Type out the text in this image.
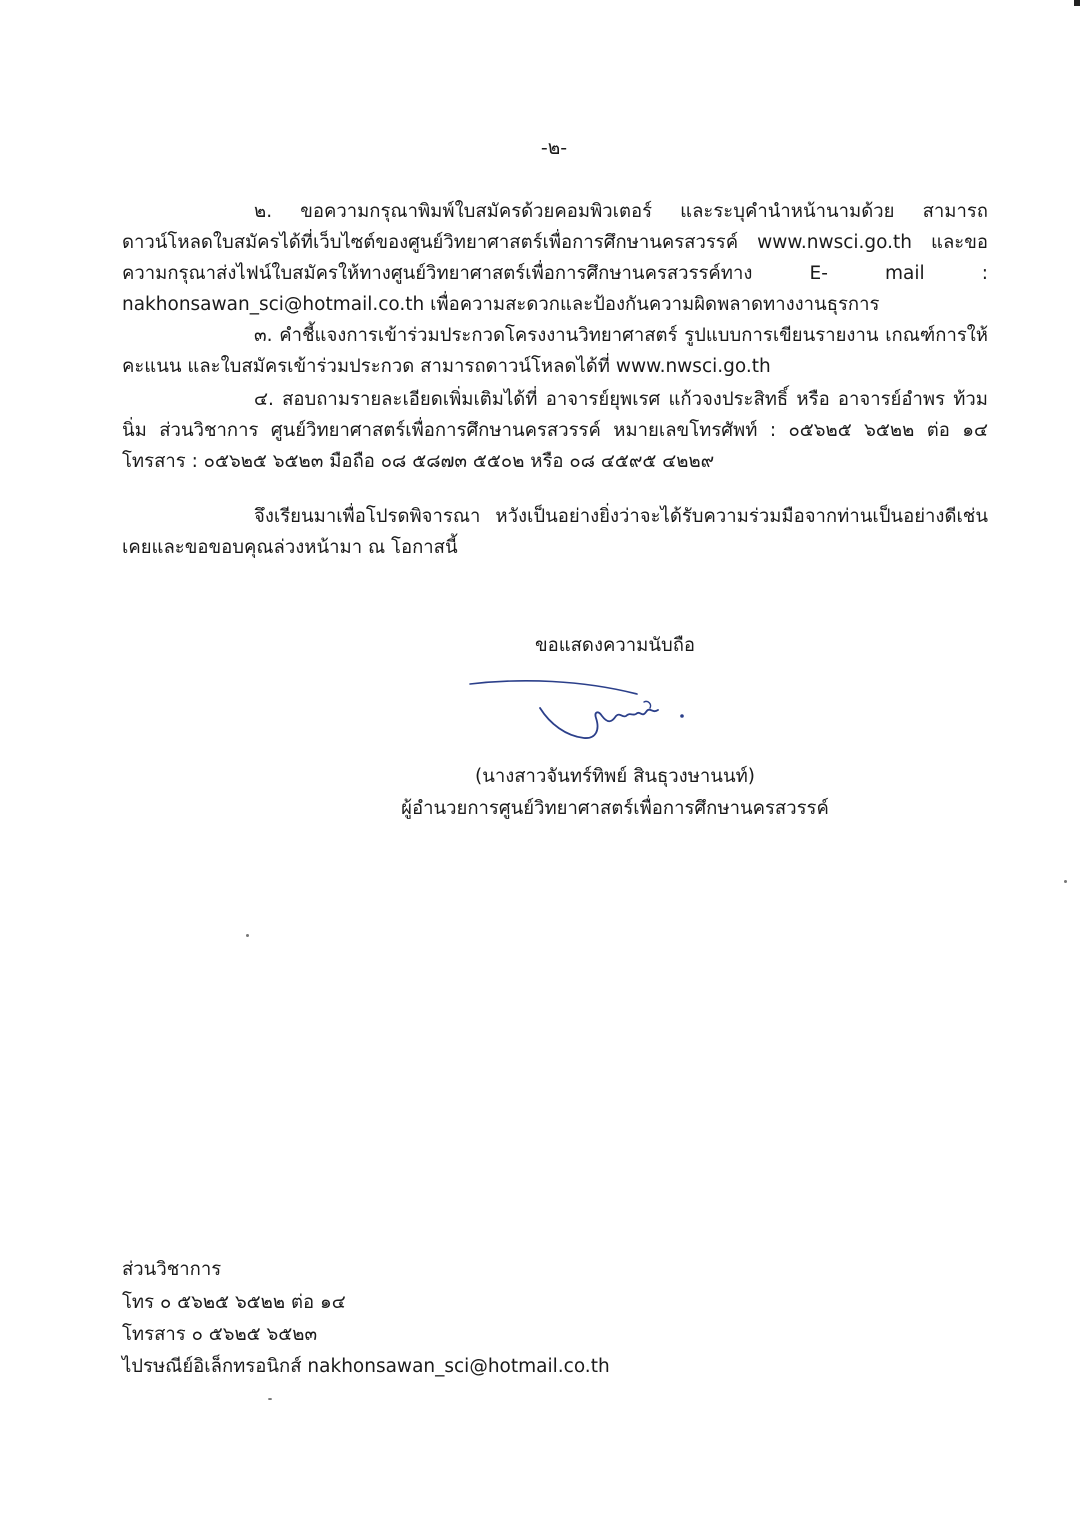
-๒-
๒. ขอความกรุณาพิมพ์ใบสมัครด้วยคอมพิวเตอร์ และระบุคำนำหน้านามด้วย สามารถดาวน์โหลดใบสมัครได้ที่เว็บไซต์ของศูนย์วิทยาศาสตร์เพื่อการศึกษานครสวรรค์ www.nwsci.go.th และขอความกรุณาส่งไฟน์ใบสมัครให้ทางศูนย์วิทยาศาสตร์เพื่อการศึกษานครสวรรค์ทาง E- mail : nakhonsawan_sci@hotmail.co.th เพื่อความสะดวกและป้องกันความผิดพลาดทางงานธุรการ
๓. คำชี้แจงการเข้าร่วมประกวดโครงงานวิทยาศาสตร์ รูปแบบการเขียนรายงาน เกณฑ์การให้คะแนน และใบสมัครเข้าร่วมประกวด สามารถดาวน์โหลดได้ที่ www.nwsci.go.th
๔. สอบถามรายละเอียดเพิ่มเติมได้ที่ อาจารย์ยุพเรศ แก้วจงประสิทธิ์ หรือ อาจารย์อำพร ท้วมนิ่ม ส่วนวิชาการ ศูนย์วิทยาศาสตร์เพื่อการศึกษานครสวรรค์ หมายเลขโทรศัพท์ : ๐๕๖๒๕ ๖๕๒๒ ต่อ ๑๔ โทรสาร : ๐๕๖๒๕ ๖๕๒๓ มือถือ ๐๘ ๕๘๗๓ ๕๕๐๒ หรือ ๐๘ ๔๕๙๕ ๔๒๒๙
จึงเรียนมาเพื่อโปรดพิจารณา หวังเป็นอย่างยิ่งว่าจะได้รับความร่วมมือจากท่านเป็นอย่างดีเช่นเคยและขอขอบคุณล่วงหน้ามา ณ โอกาสนี้
ขอแสดงความนับถือ
(นางสาวจันทร์ทิพย์ สินธุวงษานนท์)
ผู้อำนวยการศูนย์วิทยาศาสตร์เพื่อการศึกษานครสวรรค์
ส่วนวิชาการ
โทร ๐ ๕๖๒๕ ๖๕๒๒ ต่อ ๑๔
โทรสาร ๐ ๕๖๒๕ ๖๕๒๓
ไปรษณีย์อิเล็กทรอนิกส์ nakhonsawan_sci@hotmail.co.th
